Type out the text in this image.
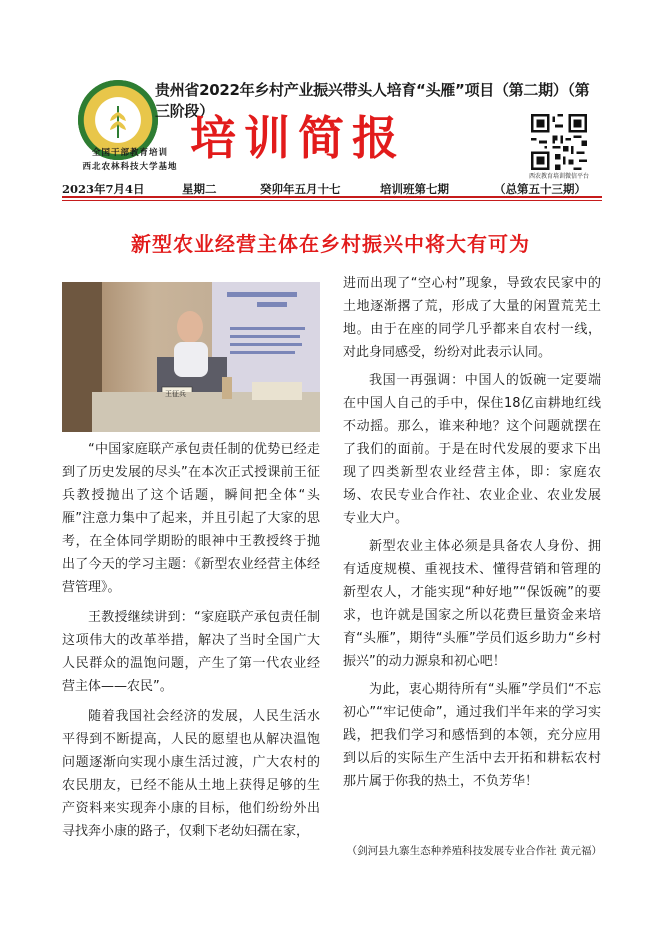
全国干部教育培训
西北农林科技大学基地
贵州省2022年乡村产业振兴带头人培育“头雁”项目（第二期）（第三阶段）
培训简报
西农教育培训微信平台
2023年7月4日	星期二	癸卯年五月十七	培训班第七期	（总第五十三期）
新型农业经营主体在乡村振兴中将大有可为
王征兵

“中国家庭联产承包责任制的优势已经走到了历史发展的尽头”在本次正式授课前王征兵教授抛出了这个话题，瞬间把全体“头雁”注意力集中了起来，并且引起了大家的思考，在全体同学期盼的眼神中王教授终于抛出了今天的学习主题：《新型农业经营主体经营管理》。

王教授继续讲到：“家庭联产承包责任制这项伟大的改革举措，解决了当时全国广大人民群众的温饱问题，产生了第一代农业经营主体——农民”。

随着我国社会经济的发展，人民生活水平得到不断提高，人民的愿望也从解决温饱问题逐渐向实现小康生活过渡，广大农村的农民朋友，已经不能从土地上获得足够的生产资料来实现奔小康的目标，他们纷纷外出寻找奔小康的路子，仅剩下老幼妇孺在家，

进而出现了“空心村”现象，导致农民家中的土地逐渐撂了荒，形成了大量的闲置荒芜土地。由于在座的同学几乎都来自农村一线，对此身同感受，纷纷对此表示认同。

我国一再强调：中国人的饭碗一定要端在中国人自己的手中，保住18亿亩耕地红线不动摇。那么，谁来种地？这个问题就摆在了我们的面前。于是在时代发展的要求下出现了四类新型农业经营主体，即：家庭农场、农民专业合作社、农业企业、农业发展专业大户。

新型农业主体必须是具备农人身份、拥有适度规模、重视技术、懂得营销和管理的新型农人，才能实现“种好地”“保饭碗”的要求，也许就是国家之所以花费巨量资金来培育“头雁”，期待“头雁”学员们返乡助力“乡村振兴”的动力源泉和初心吧！

为此，衷心期待所有“头雁”学员们“不忘初心”“牢记使命”，通过我们半年来的学习实践，把我们学习和感悟到的本领，充分应用到以后的实际生产生活中去开拓和耕耘农村那片属于你我的热土，不负芳华！

（剑河县九寨生态种养殖科技发展专业合作社 黄元福）
